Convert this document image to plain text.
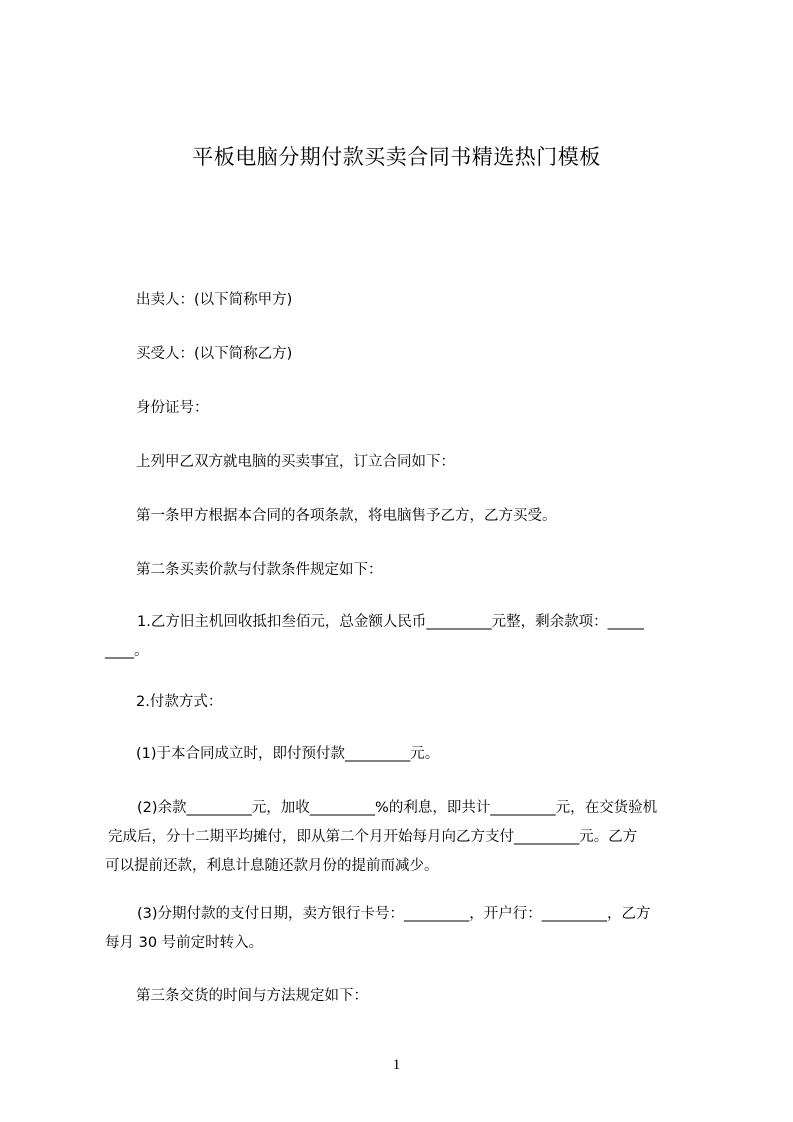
平板电脑分期付款买卖合同书精选热门模板
出卖人：(以下简称甲方)
买受人：(以下简称乙方)
身份证号：
上列甲乙双方就电脑的买卖事宜，订立合同如下：
第一条甲方根据本合同的各项条款，将电脑售予乙方，乙方买受。
第二条买卖价款与付款条件规定如下：
1.乙方旧主机回收抵扣叁佰元，总金额人民币_________元整，剩余款项：_____
____。
2.付款方式：
(1)于本合同成立时，即付预付款_________元。
(2)余款_________元，加收_________%的利息，即共计_________元，在交货验机
完成后，分十二期平均摊付，即从第二个月开始每月向乙方支付_________元。乙方
可以提前还款，利息计息随还款月份的提前而减少。
(3)分期付款的支付日期，卖方银行卡号：_________，开户行：_________，乙方
每月 30 号前定时转入。
第三条交货的时间与方法规定如下：
1
